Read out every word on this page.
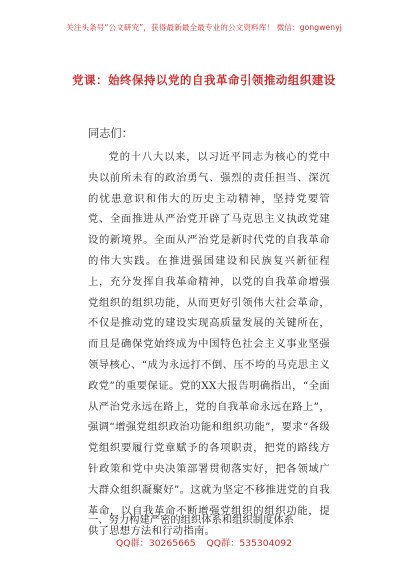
关注头条号“公文研究”，获得最新最全最专业的公文资料库！ 微信：gongwenyj
党课：始终保持以党的自我革命引领推动组织建设
同志们：
党的十八大以来，以习近平同志为核心的党中央以前所未有的政治勇气、强烈的责任担当、深沉的忧患意识和伟大的历史主动精神，坚持党要管党、全面推进从严治党开辟了马克思主义执政党建设的新境界。全面从严治党是新时代党的自我革命的伟大实践。在推进强国建设和民族复兴新征程上，充分发挥自我革命精神，以党的自我革命增强党组织的组织功能，从而更好引领伟大社会革命，不仅是推动党的建设实现高质量发展的关键所在，而且是确保党始终成为中国特色社会主义事业坚强领导核心、“成为永远打不倒、压不垮的马克思主义政党”的重要保证。党的XX大报告明确指出，“全面从严治党永远在路上，党的自我革命永远在路上”，强调“增强党组织政治功能和组织功能”，要求“各级党组织要履行党章赋予的各项职责，把党的路线方针政策和党中央决策部署贯彻落实好，把各领域广大群众组织凝聚好”。这就为坚定不移推进党的自我革命，以自我革命不断增强党组织的组织功能，提供了思想方法和行动指南。
一、努力构建严密的组织体系和组织制度体系
QQ群：30265665 QQ群：535304092
